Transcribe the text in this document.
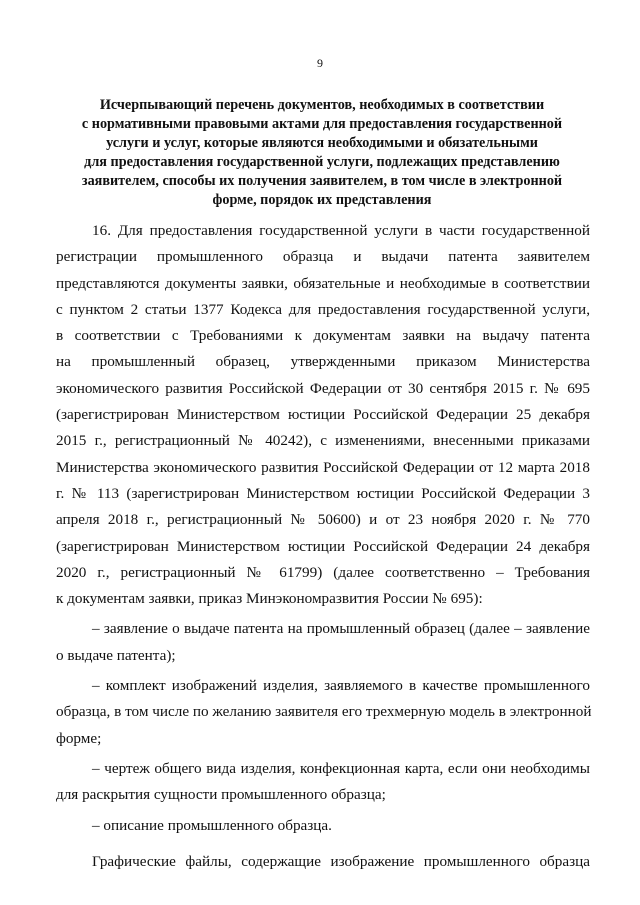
9
Исчерпывающий перечень документов, необходимых в соответствии
с нормативными правовыми актами для предоставления государственной
услуги и услуг, которые являются необходимыми и обязательными
для предоставления государственной услуги, подлежащих представлению
заявителем, способы их получения заявителем, в том числе в электронной
форме, порядок их представления
16. Для предоставления государственной услуги в части государственной
регистрации промышленного образца и выдачи патента заявителем
представляются документы заявки, обязательные и необходимые в соответствии
с пунктом 2 статьи 1377 Кодекса для предоставления государственной услуги,
в соответствии с Требованиями к документам заявки на выдачу патента
на промышленный образец, утвержденными приказом Министерства
экономического развития Российской Федерации от 30 сентября 2015 г. № 695
(зарегистрирован Министерством юстиции Российской Федерации 25 декабря
2015 г., регистрационный № 40242), с изменениями, внесенными приказами
Министерства экономического развития Российской Федерации от 12 марта 2018
г. № 113 (зарегистрирован Министерством юстиции Российской Федерации 3
апреля 2018 г., регистрационный № 50600) и от 23 ноября 2020 г. № 770
(зарегистрирован Министерством юстиции Российской Федерации 24 декабря
2020 г., регистрационный № 61799) (далее соответственно – Требования
к документам заявки, приказ Минэкономразвития России № 695):
– заявление о выдаче патента на промышленный образец (далее – заявление
о выдаче патента);
– комплект изображений изделия, заявляемого в качестве промышленного
образца, в том числе по желанию заявителя его трехмерную модель в электронной
форме;
– чертеж общего вида изделия, конфекционная карта, если они необходимы
для раскрытия сущности промышленного образца;
– описание промышленного образца.
Графические файлы, содержащие изображение промышленного образца
